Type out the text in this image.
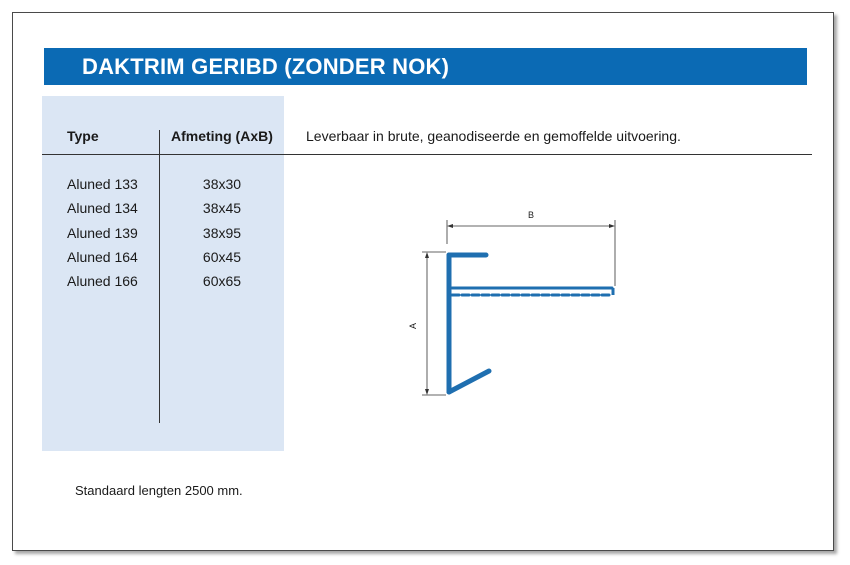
DAKTRIM GERIBD (ZONDER NOK)
Type	Afmeting (AxB) Leverbaar in brute, geanodiseerde en gemoffelde uitvoering.
Aluned 133	38x30
Aluned 134	38x45
Aluned 139	38x95
Aluned 164	60x45
Aluned 166	60x65
B
A
Standaard lengten 2500 mm.
